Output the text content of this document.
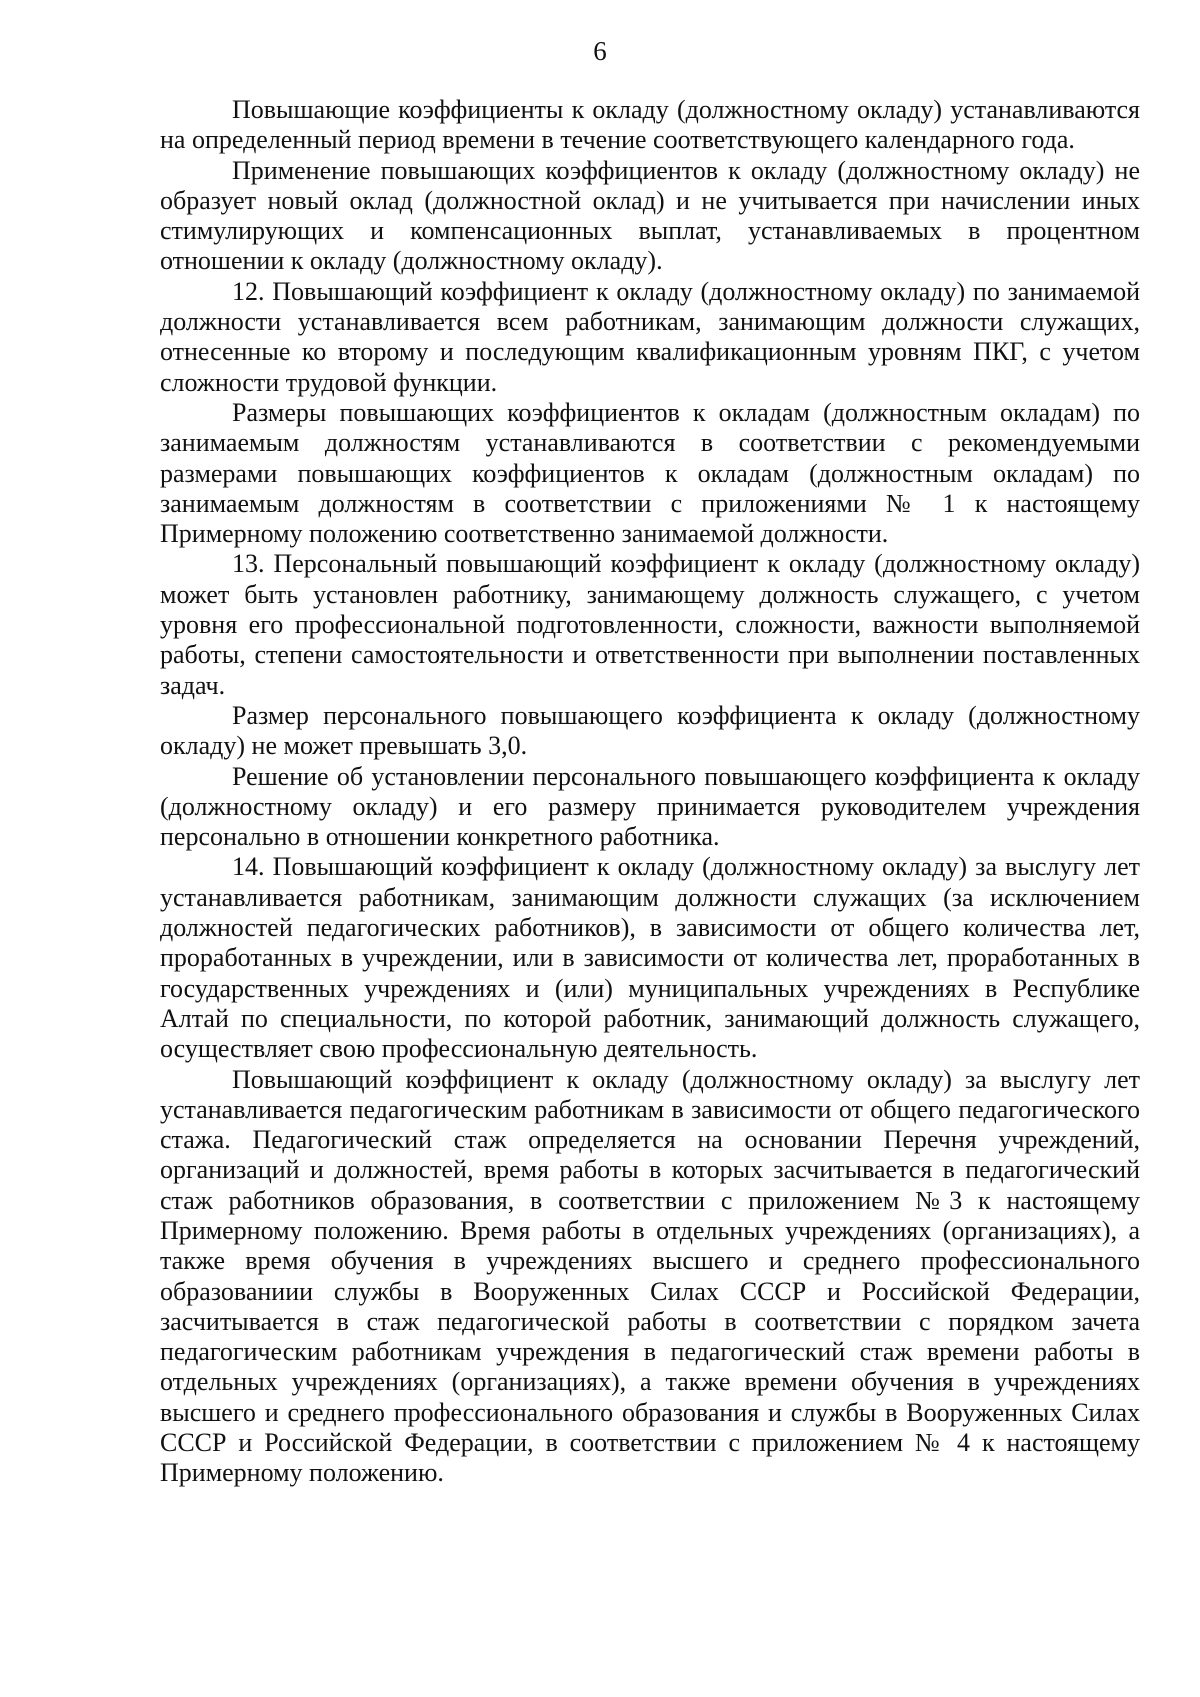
6

Повышающие коэффициенты к окладу (должностному окладу) устанавливаются на определенный период времени в течение соответствующего календарного года.

Применение повышающих коэффициентов к окладу (должностному окладу) не образует новый оклад (должностной оклад) и не учитывается при начислении иных стимулирующих и компенсационных выплат, устанавливаемых в процентном отношении к окладу (должностному окладу).

12. Повышающий коэффициент к окладу (должностному окладу) по занимаемой должности устанавливается всем работникам, занимающим должности служащих, отнесенные ко второму и последующим квалификационным уровням ПКГ, с учетом сложности трудовой функции.

Размеры повышающих коэффициентов к окладам (должностным окладам) по занимаемым должностям устанавливаются в соответствии с рекомендуемыми размерами повышающих коэффициентов к окладам (должностным окладам) по занимаемым должностям в соответствии с приложениями № 1 к настоящему Примерному положению соответственно занимаемой должности.

13. Персональный повышающий коэффициент к окладу (должностному окладу) может быть установлен работнику, занимающему должность служащего, с учетом уровня его профессиональной подготовленности, сложности, важности выполняемой работы, степени самостоятельности и ответственности при выполнении поставленных задач.

Размер персонального повышающего коэффициента к окладу (должностному окладу) не может превышать 3,0.

Решение об установлении персонального повышающего коэффициента к окладу (должностному окладу) и его размеру принимается руководителем учреждения персонально в отношении конкретного работника.

14. Повышающий коэффициент к окладу (должностному окладу) за выслугу лет устанавливается работникам, занимающим должности служащих (за исключением должностей педагогических работников), в зависимости от общего количества лет, проработанных в учреждении, или в зависимости от количества лет, проработанных в государственных учреждениях и (или) муниципальных учреждениях в Республике Алтай по специальности, по которой работник, занимающий должность служащего, осуществляет свою профессиональную деятельность.

Повышающий коэффициент к окладу (должностному окладу) за выслугу лет устанавливается педагогическим работникам в зависимости от общего педагогического стажа. Педагогический стаж определяется на основании Перечня учреждений, организаций и должностей, время работы в которых засчитывается в педагогический стаж работников образования, в соответствии с приложением №3 к настоящему Примерному положению. Время работы в отдельных учреждениях (организациях), а также время обучения в учреждениях высшего и среднего профессионального образованиии службы в Вооруженных Силах СССР и Российской Федерации, засчитывается в стаж педагогической работы в соответствии с порядком зачета педагогическим работникам учреждения в педагогический стаж времени работы в отдельных учреждениях (организациях), а также времени обучения в учреждениях высшего и среднего профессионального образования и службы в Вооруженных Силах СССР и Российской Федерации, в соответствии с приложением № 4 к настоящему Примерному положению.
